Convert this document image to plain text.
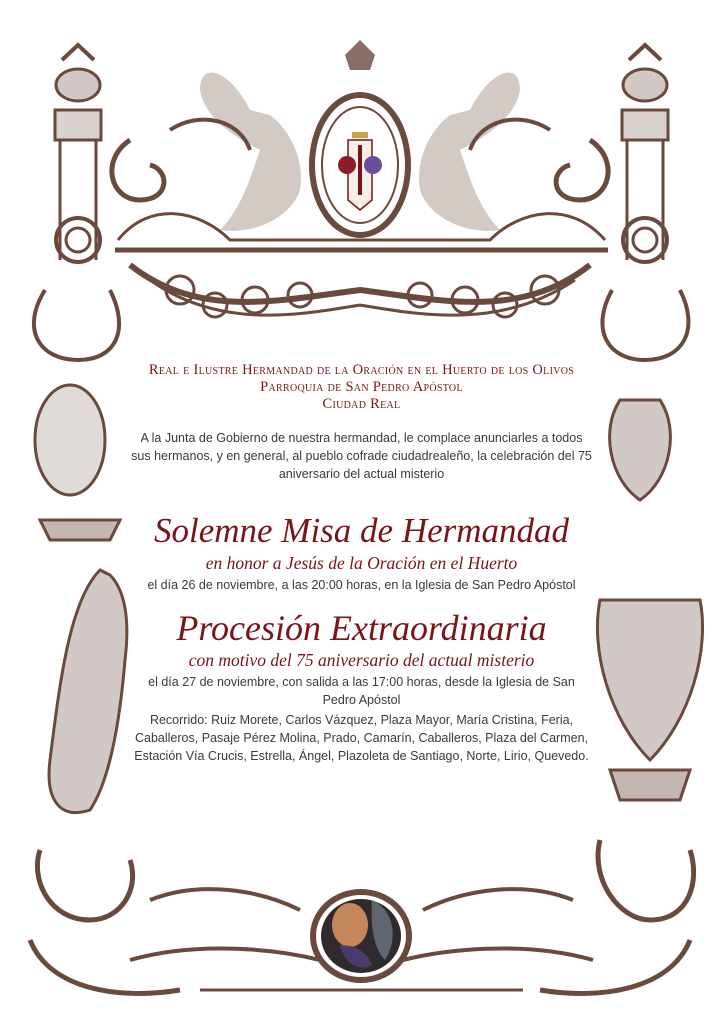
Real e Ilustre Hermandad de la Oración en el Huerto de los Olivos
Parroquia de San Pedro Apóstol
Ciudad Real
A la Junta de Gobierno de nuestra hermandad, le complace anunciarles a todos sus hermanos, y en general, al pueblo cofrade ciudadrealeño, la celebración del 75 aniversario del actual misterio
Solemne Misa de Hermandad
en honor a Jesús de la Oración en el Huerto
el día 26 de noviembre, a las 20:00 horas, en la Iglesia de San Pedro Apóstol
Procesión Extraordinaria
con motivo del 75 aniversario del actual misterio
el día 27 de noviembre, con salida a las 17:00 horas, desde la Iglesia de San Pedro Apóstol
Recorrido: Ruiz Morete, Carlos Vázquez, Plaza Mayor, María Cristina, Feria, Caballeros, Pasaje Pérez Molina, Prado, Camarín, Caballeros, Plaza del Carmen, Estación Vía Crucis, Estrella, Ángel, Plazoleta de Santiago, Norte, Lirio, Quevedo.
